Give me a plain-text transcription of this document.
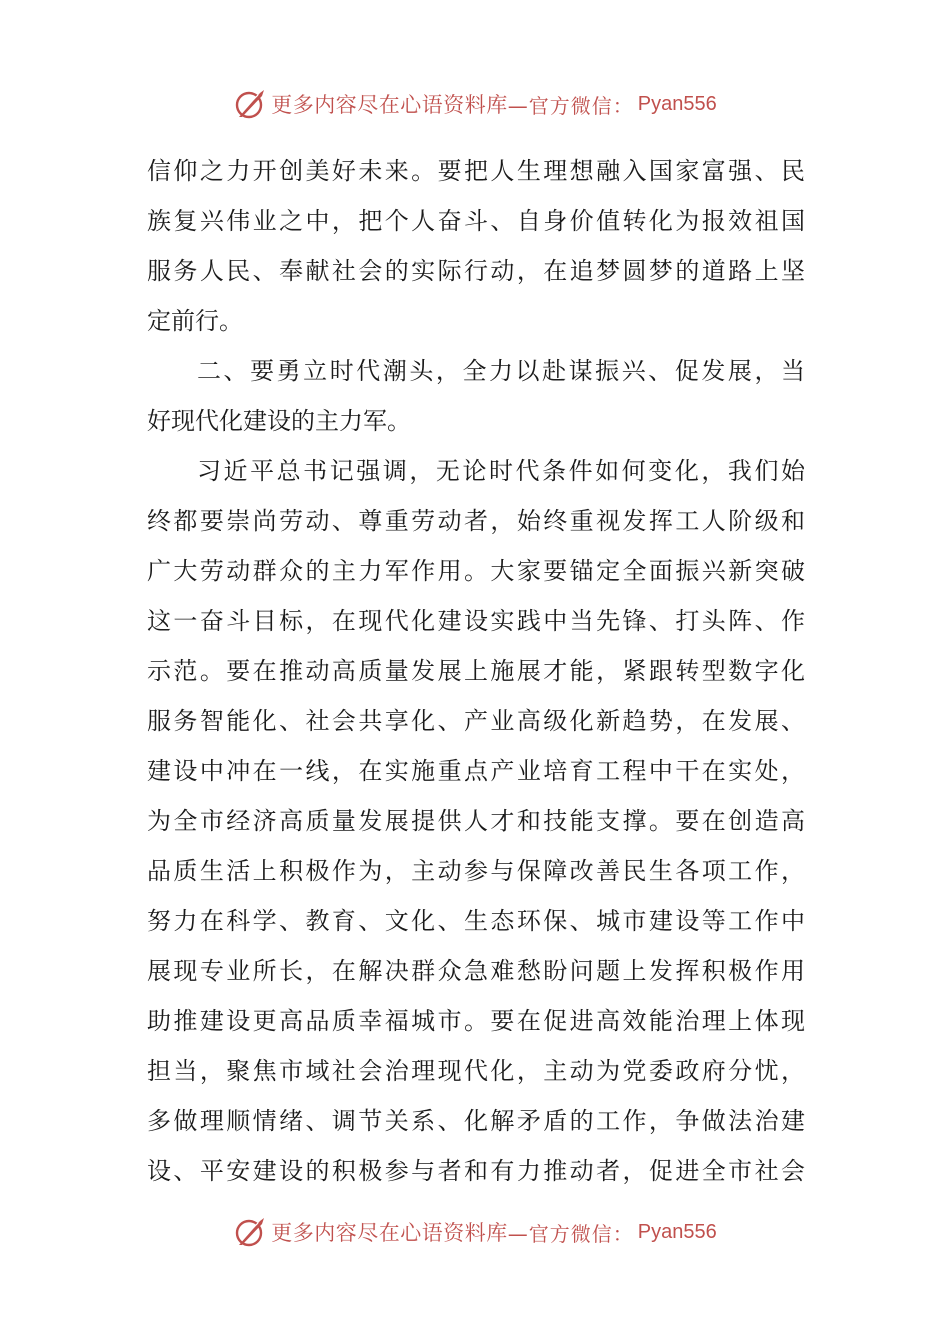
更多内容尽在心语资料库 —官方微信： Pyan556
信仰之力开创美好未来。要把人生理想融入国家富强、民
族复兴伟业之中，把个人奋斗、自身价值转化为报效祖国
服务人民、奉献社会的实际行动，在追梦圆梦的道路上坚
定前行。
二、要勇立时代潮头，全力以赴谋振兴、促发展，当
好现代化建设的主力军。
习近平总书记强调，无论时代条件如何变化，我们始
终都要崇尚劳动、尊重劳动者，始终重视发挥工人阶级和
广大劳动群众的主力军作用。大家要锚定全面振兴新突破
这一奋斗目标，在现代化建设实践中当先锋、打头阵、作
示范。要在推动高质量发展上施展才能，紧跟转型数字化
服务智能化、社会共享化、产业高级化新趋势，在发展、
建设中冲在一线，在实施重点产业培育工程中干在实处，
为全市经济高质量发展提供人才和技能支撑。要在创造高
品质生活上积极作为，主动参与保障改善民生各项工作，
努力在科学、教育、文化、生态环保、城市建设等工作中
展现专业所长，在解决群众急难愁盼问题上发挥积极作用
助推建设更高品质幸福城市。要在促进高效能治理上体现
担当，聚焦市域社会治理现代化，主动为党委政府分忧，
多做理顺情绪、调节关系、化解矛盾的工作，争做法治建
设、平安建设的积极参与者和有力推动者，促进全市社会
更多内容尽在心语资料库 —官方微信： Pyan556
